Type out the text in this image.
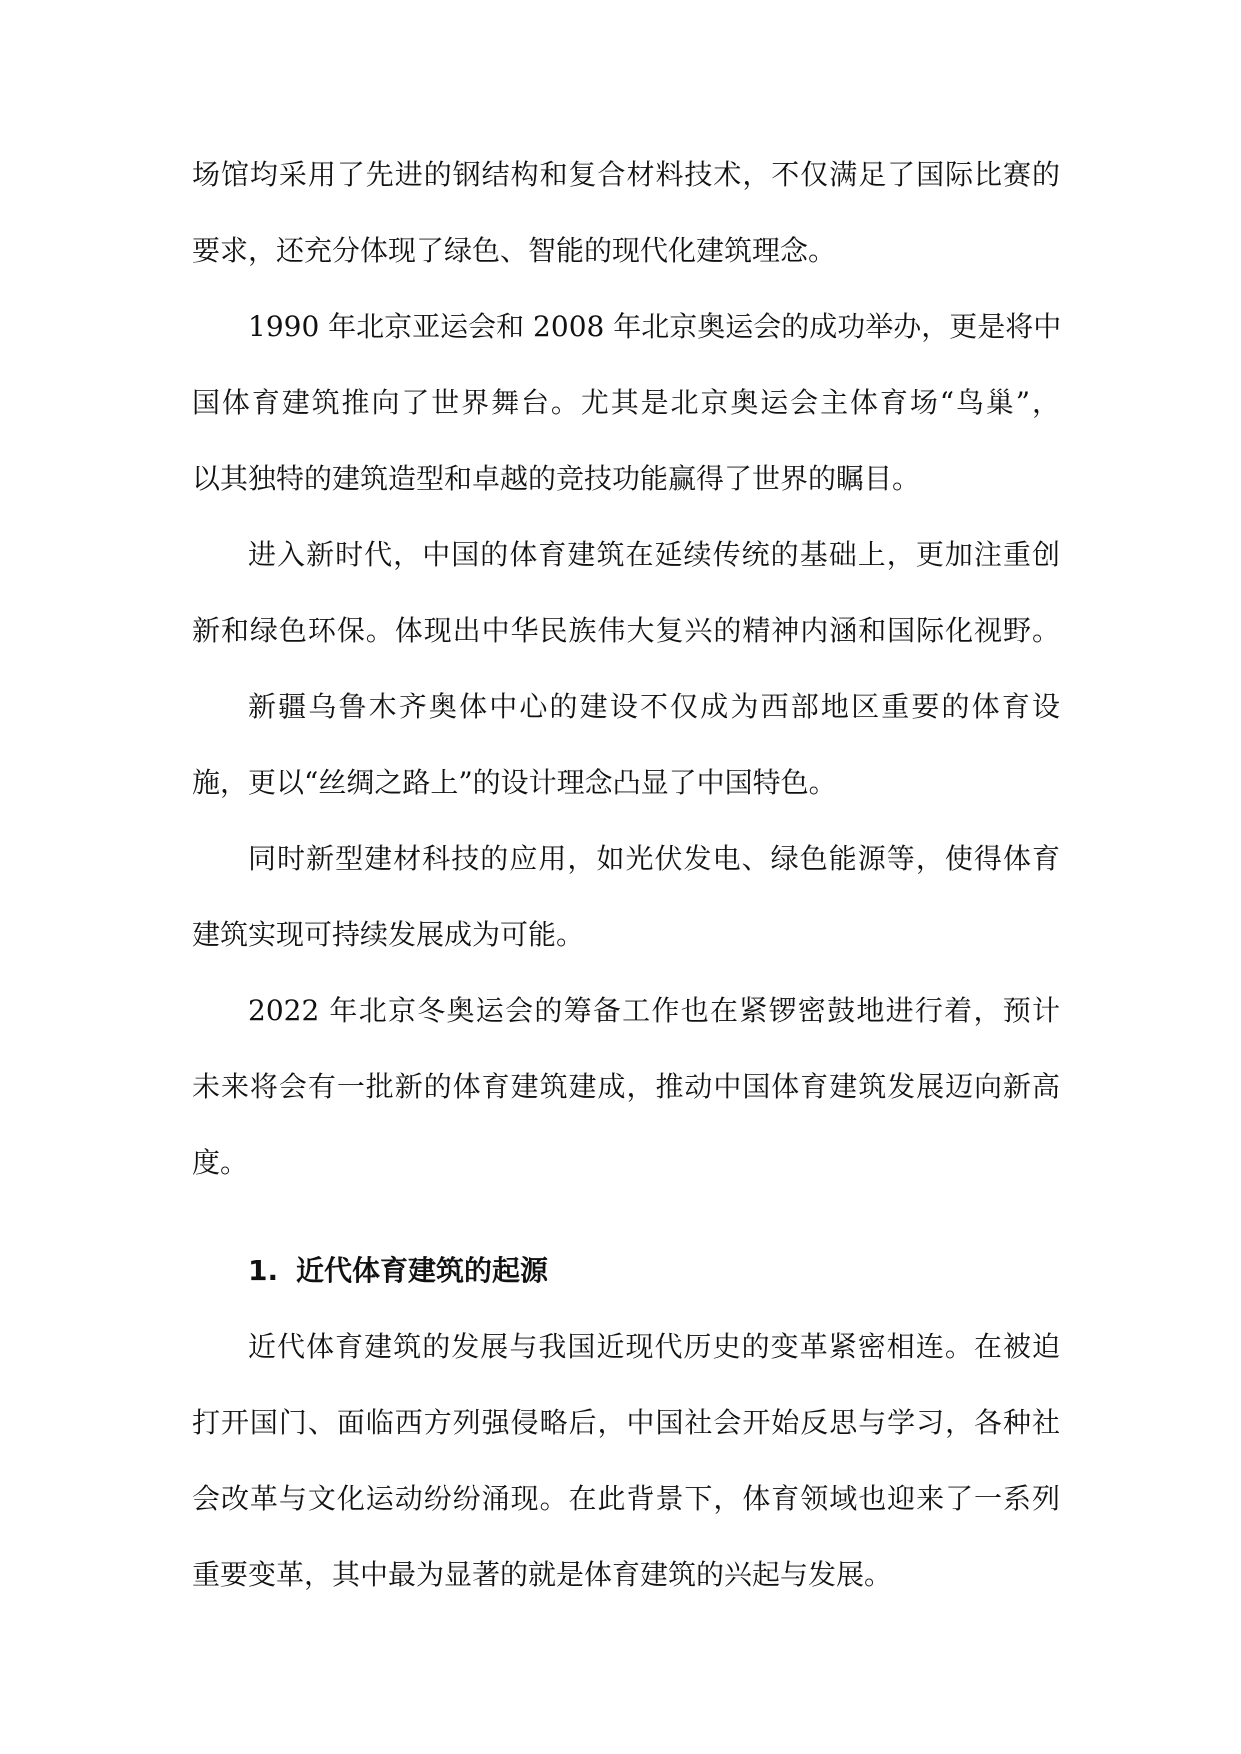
场馆均采用了先进的钢结构和复合材料技术，不仅满足了国际比赛的
要求，还充分体现了绿色、智能的现代化建筑理念。
1990 年北京亚运会和 2008 年北京奥运会的成功举办，更是将中
国体育建筑推向了世界舞台。尤其是北京奥运会主体育场“鸟巢”，
以其独特的建筑造型和卓越的竞技功能赢得了世界的瞩目。
进入新时代，中国的体育建筑在延续传统的基础上，更加注重创
新和绿色环保。体现出中华民族伟大复兴的精神内涵和国际化视野。
新疆乌鲁木齐奥体中心的建设不仅成为西部地区重要的体育设
施，更以“丝绸之路上”的设计理念凸显了中国特色。
同时新型建材科技的应用，如光伏发电、绿色能源等，使得体育
建筑实现可持续发展成为可能。
2022 年北京冬奥运会的筹备工作也在紧锣密鼓地进行着，预计
未来将会有一批新的体育建筑建成，推动中国体育建筑发展迈向新高
度。
1. 近代体育建筑的起源
近代体育建筑的发展与我国近现代历史的变革紧密相连。在被迫
打开国门、面临西方列强侵略后，中国社会开始反思与学习，各种社
会改革与文化运动纷纷涌现。在此背景下，体育领域也迎来了一系列
重要变革，其中最为显著的就是体育建筑的兴起与发展。
